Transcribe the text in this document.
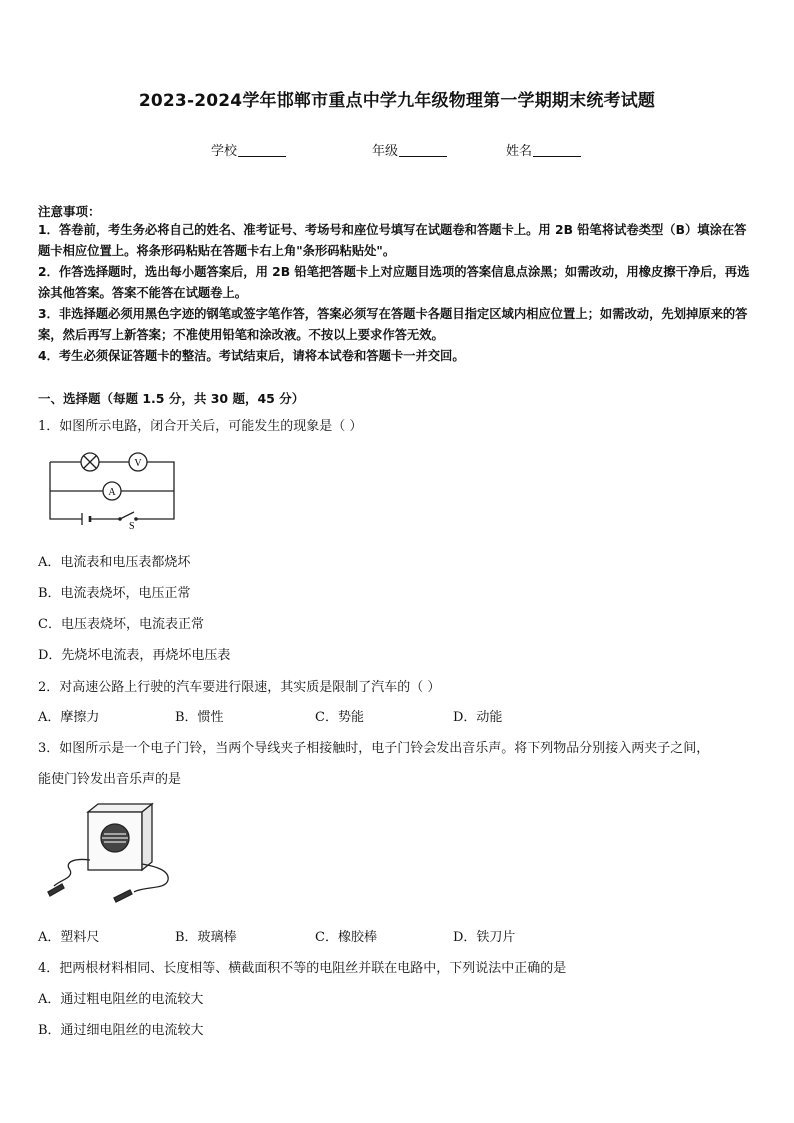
2023-2024学年邯郸市重点中学九年级物理第一学期期末统考试题
学校	年级	姓名
注意事项：
1．答卷前，考生务必将自己的姓名、准考证号、考场号和座位号填写在试题卷和答题卡上。用 2B 铅笔将试卷类型（B）填涂在答题卡相应位置上。将条形码粘贴在答题卡右上角"条形码粘贴处"。
2．作答选择题时，选出每小题答案后，用 2B 铅笔把答题卡上对应题目选项的答案信息点涂黑；如需改动，用橡皮擦干净后，再选涂其他答案。答案不能答在试题卷上。
3．非选择题必须用黑色字迹的钢笔或签字笔作答，答案必须写在答题卡各题目指定区域内相应位置上；如需改动，先划掉原来的答案，然后再写上新答案；不准使用铅笔和涂改液。不按以上要求作答无效。
4．考生必须保证答题卡的整洁。考试结束后，请将本试卷和答题卡一并交回。
一、选择题（每题 1.5 分，共 30 题，45 分）
1．如图所示电路，闭合开关后，可能发生的现象是（ ）
V
A
S
A．电流表和电压表都烧坏
B．电流表烧坏，电压正常
C．电压表烧坏，电流表正常
D．先烧坏电流表，再烧坏电压表
2．对高速公路上行驶的汽车要进行限速，其实质是限制了汽车的（ ）
A．摩擦力	B．惯性	C．势能	D．动能
3．如图所示是一个电子门铃，当两个导线夹子相接触时，电子门铃会发出音乐声。将下列物品分别接入两夹子之间，
能使门铃发出音乐声的是
A．塑料尺	B．玻璃棒	C．橡胶棒	D．铁刀片
4．把两根材料相同、长度相等、横截面积不等的电阻丝并联在电路中，下列说法中正确的是
A．通过粗电阻丝的电流较大
B．通过细电阻丝的电流较大
